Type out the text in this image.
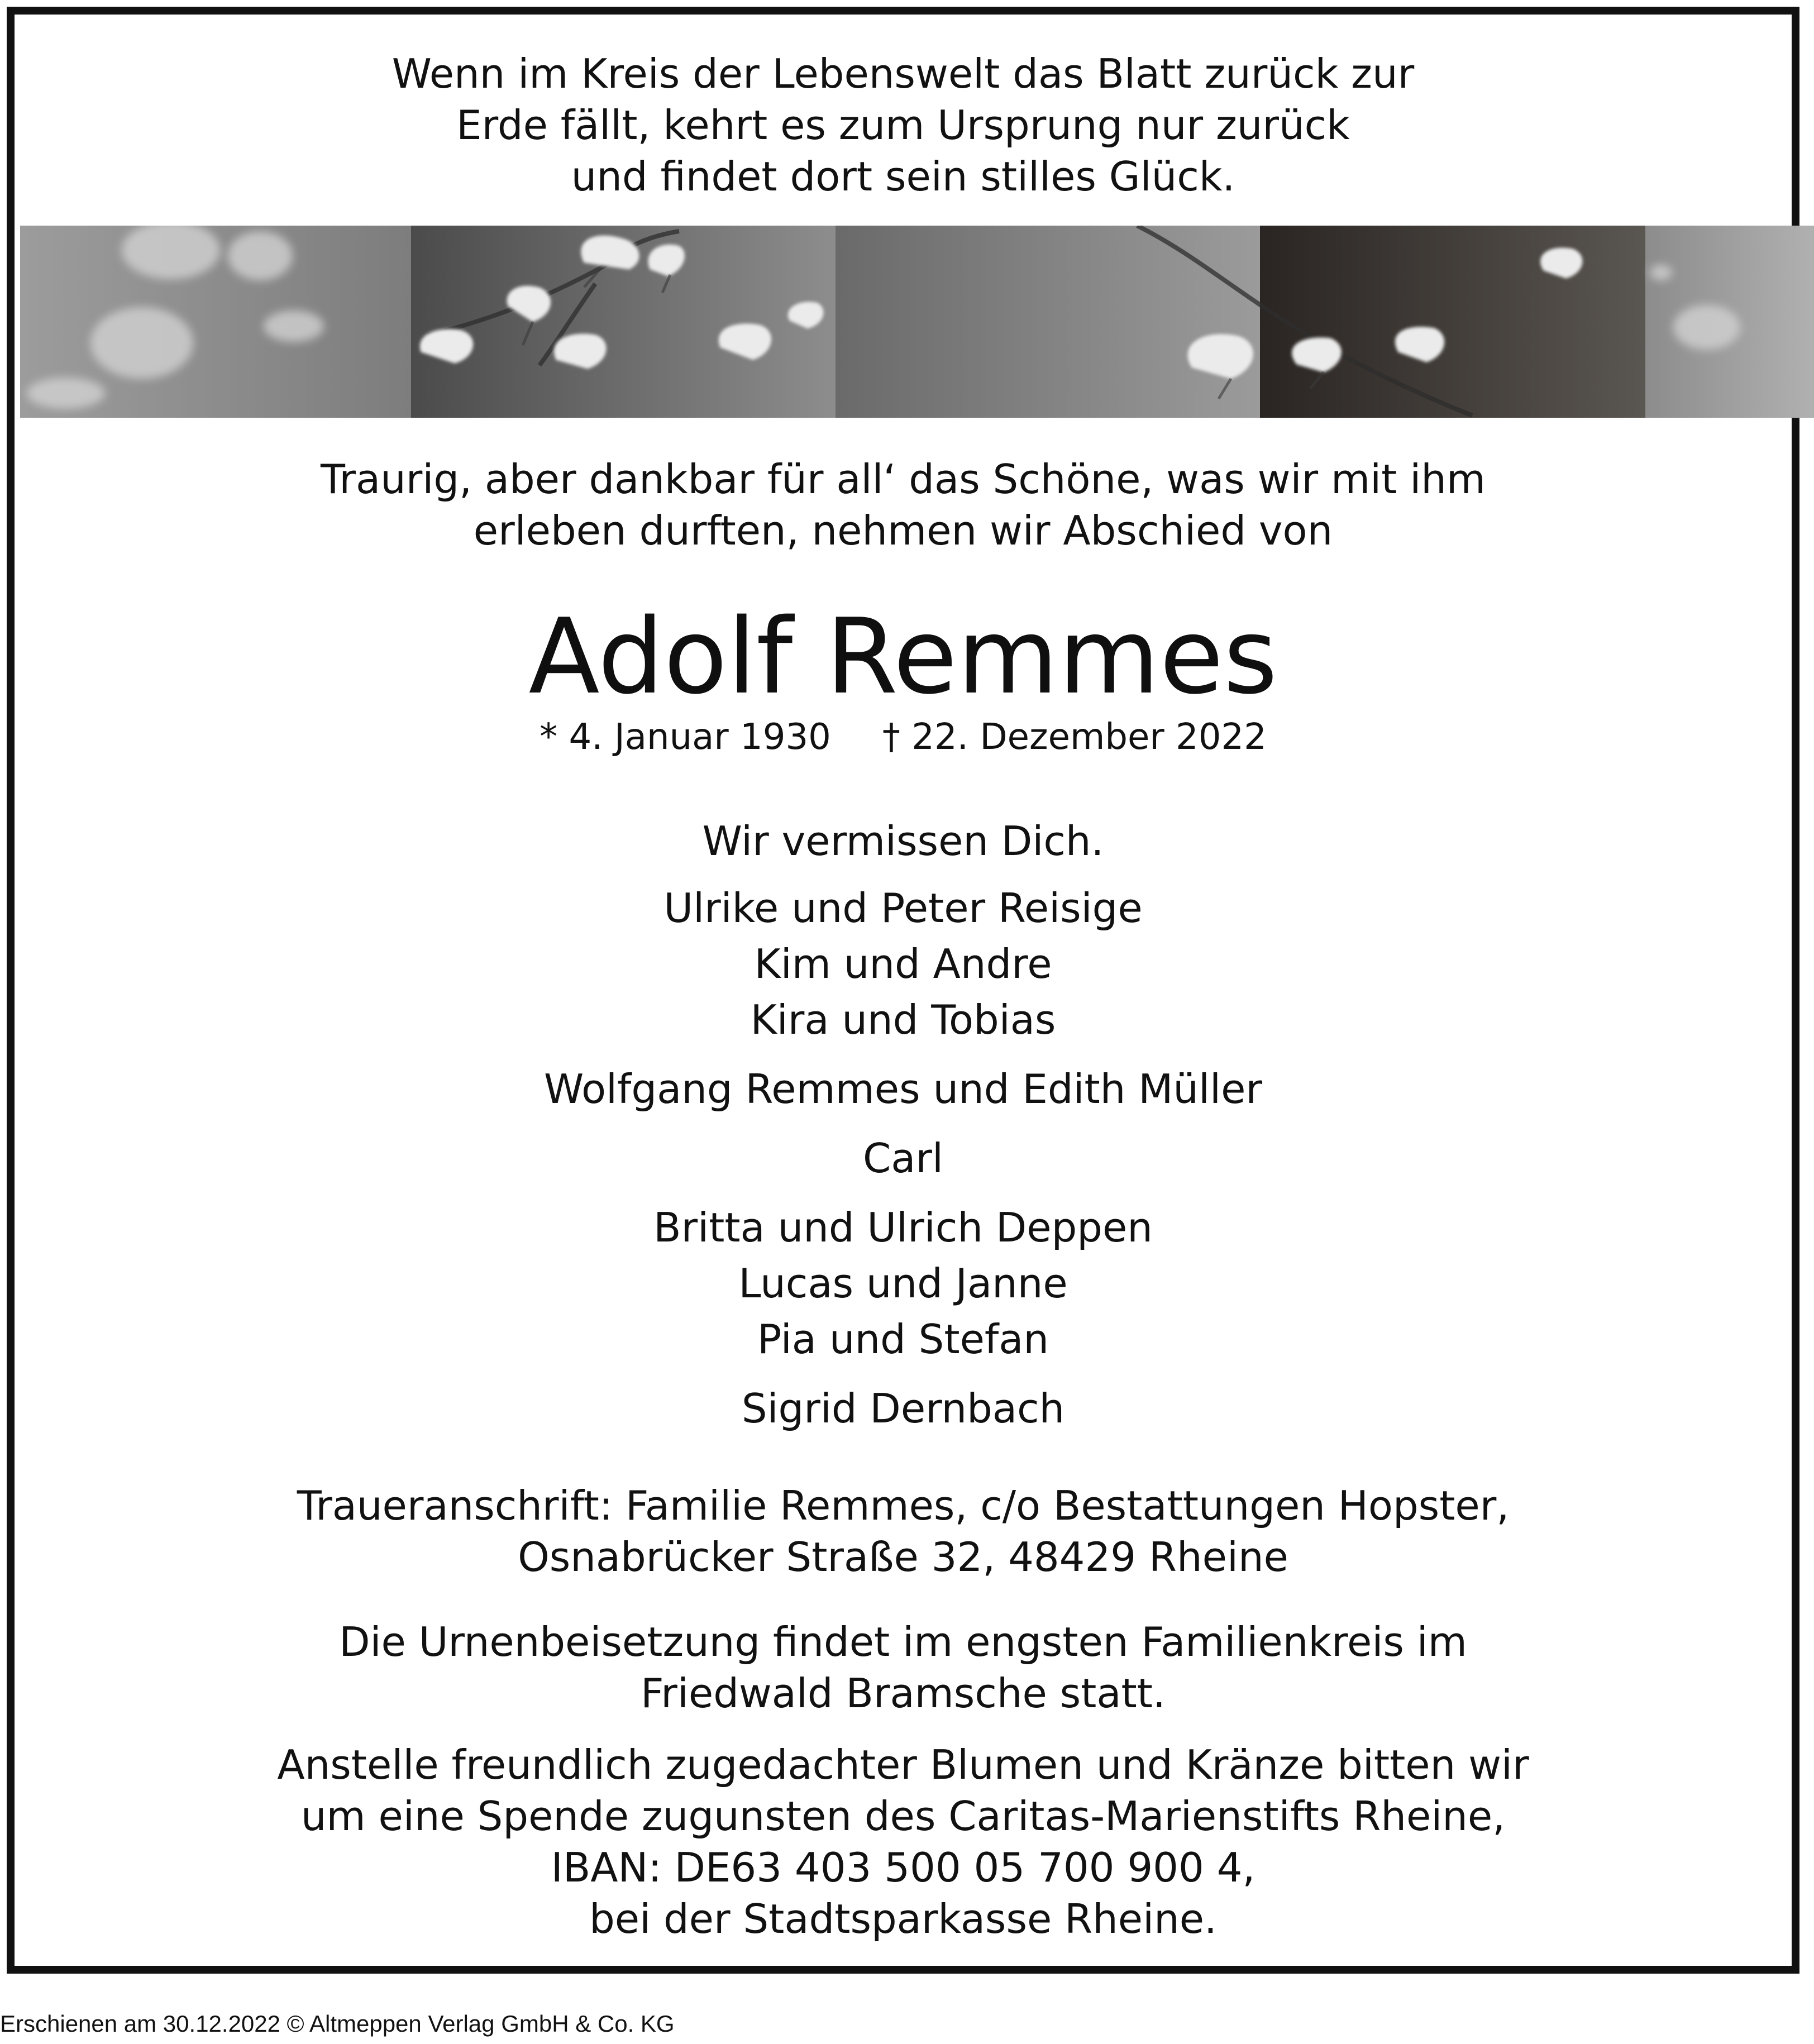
Wenn im Kreis der Lebenswelt das Blatt zurück zur
Erde fällt, kehrt es zum Ursprung nur zurück
und findet dort sein stilles Glück.
Traurig, aber dankbar für all‘ das Schöne, was wir mit ihm
erleben durften, nehmen wir Abschied von
Adolf Remmes
* 4. Januar 1930 † 22. Dezember 2022
Wir vermissen Dich.
Ulrike und Peter Reisige
Kim und Andre
Kira und Tobias
Wolfgang Remmes und Edith Müller
Carl
Britta und Ulrich Deppen
Lucas und Janne
Pia und Stefan
Sigrid Dernbach
Traueranschrift: Familie Remmes, c/o Bestattungen Hopster,
Osnabrücker Straße 32, 48429 Rheine
Die Urnenbeisetzung findet im engsten Familienkreis im
Friedwald Bramsche statt.
Anstelle freundlich zugedachter Blumen und Kränze bitten wir
um eine Spende zugunsten des Caritas-Marienstifts Rheine,
IBAN: DE63 403 500 05 700 900 4,
bei der Stadtsparkasse Rheine.
Erschienen am 30.12.2022 © Altmeppen Verlag GmbH & Co. KG
